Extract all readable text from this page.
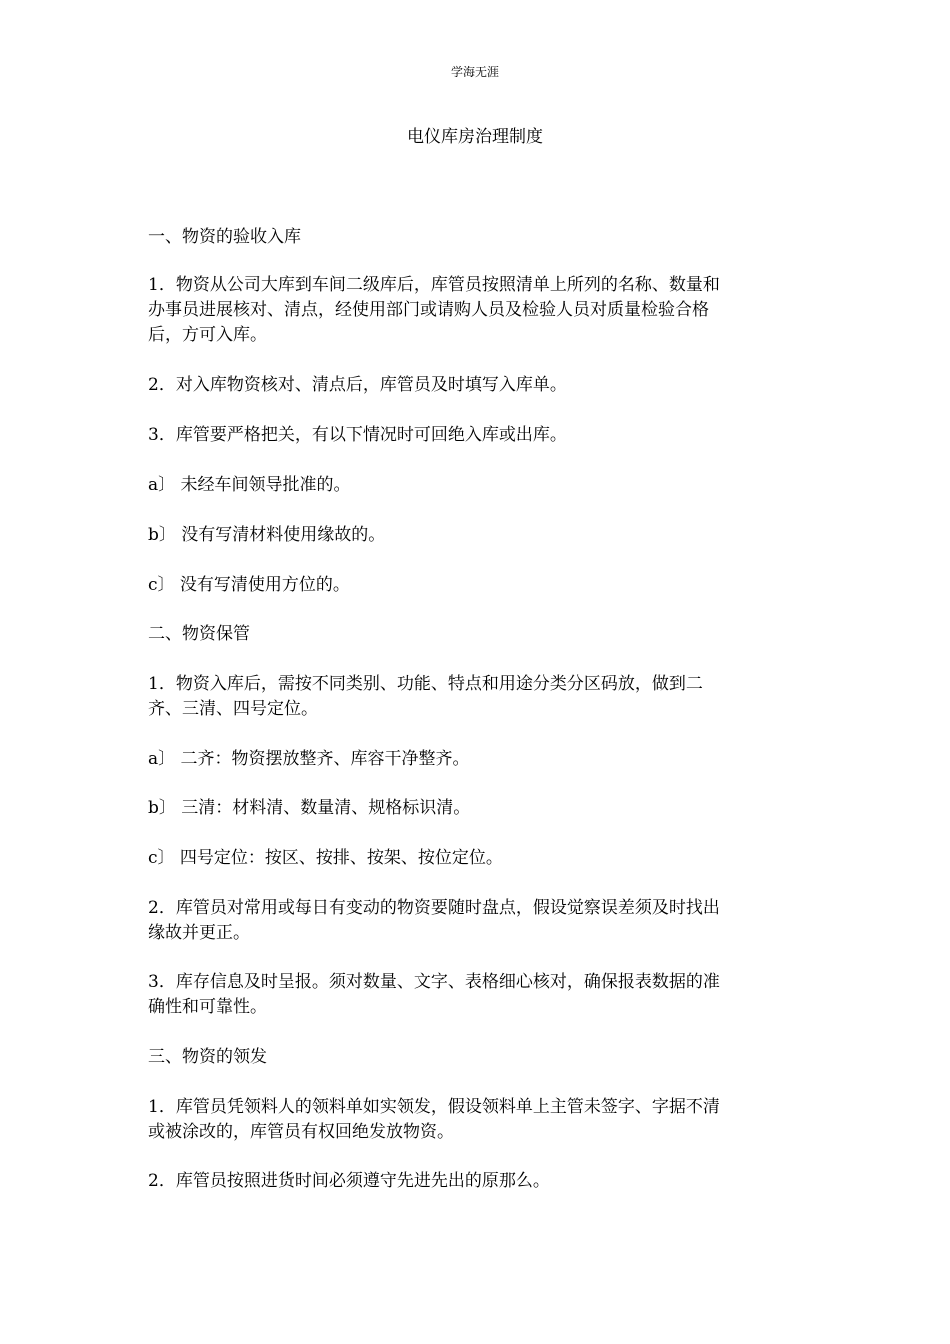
学海无涯
电仪库房治理制度

一、物资的验收入库

1．物资从公司大库到车间二级库后，库管员按照清单上所列的名称、数量和
办事员进展核对、清点，经使用部门或请购人员及检验人员对质量检验合格
后，方可入库。

2．对入库物资核对、清点后，库管员及时填写入库单。

3．库管要严格把关，有以下情况时可回绝入库或出库。

a〕 未经车间领导批准的。

b〕 没有写清材料使用缘故的。

c〕 没有写清使用方位的。

二、物资保管

1．物资入库后，需按不同类别、功能、特点和用途分类分区码放，做到二
齐、三清、四号定位。

a〕 二齐：物资摆放整齐、库容干净整齐。

b〕 三清：材料清、数量清、规格标识清。

c〕 四号定位：按区、按排、按架、按位定位。

2．库管员对常用或每日有变动的物资要随时盘点，假设觉察误差须及时找出
缘故并更正。

3．库存信息及时呈报。须对数量、文字、表格细心核对，确保报表数据的准
确性和可靠性。

三、物资的领发

1．库管员凭领料人的领料单如实领发，假设领料单上主管未签字、字据不清
或被涂改的，库管员有权回绝发放物资。

2．库管员按照进货时间必须遵守先进先出的原那么。
